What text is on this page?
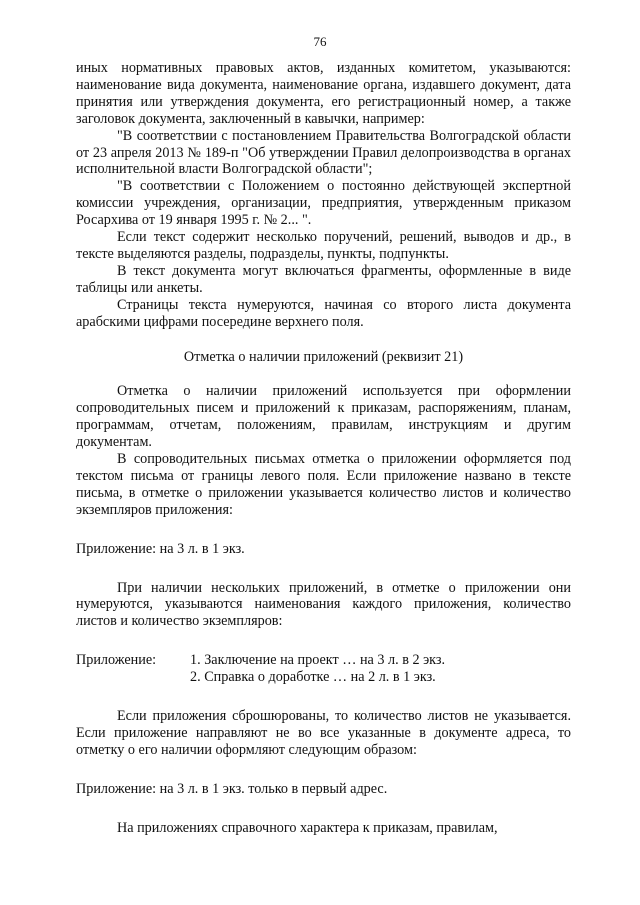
76

иных нормативных правовых актов, изданных комитетом, указываются: наименование вида документа, наименование органа, издавшего документ, дата принятия или утверждения документа, его регистрационный номер, а также заголовок документа, заключенный в кавычки, например:

"В соответствии с постановлением Правительства Волгоградской области от 23 апреля 2013 № 189-п "Об утверждении Правил делопроизводства в органах исполнительной власти Волгоградской области";

"В соответствии с Положением о постоянно действующей экспертной комиссии учреждения, организации, предприятия, утвержденным приказом Росархива от 19 января 1995 г. № 2... ".

Если текст содержит несколько поручений, решений, выводов и др., в тексте выделяются разделы, подразделы, пункты, подпункты.

В текст документа могут включаться фрагменты, оформленные в виде таблицы или анкеты.

Страницы текста нумеруются, начиная со второго листа документа арабскими цифрами посередине верхнего поля.

Отметка о наличии приложений (реквизит 21)

Отметка о наличии приложений используется при оформлении сопроводительных писем и приложений к приказам, распоряжениям, планам, программам, отчетам, положениям, правилам, инструкциям и другим документам.

В сопроводительных письмах отметка о приложении оформляется под текстом письма от границы левого поля. Если приложение названо в тексте письма, в отметке о приложении указывается количество листов и количество экземпляров приложения:

Приложение: на 3 л. в 1 экз.

При наличии нескольких приложений, в отметке о приложении они нумеруются, указываются наименования каждого приложения, количество листов и количество экземпляров:

Приложение:	1. Заключение на проект … на 3 л. в 2 экз.
2. Справка о доработке … на 2 л. в 1 экз.

Если приложения сброшюрованы, то количество листов не указывается. Если приложение направляют не во все указанные в документе адреса, то отметку о его наличии оформляют следующим образом:

Приложение: на 3 л. в 1 экз. только в первый адрес.

На приложениях справочного характера к приказам, правилам,
